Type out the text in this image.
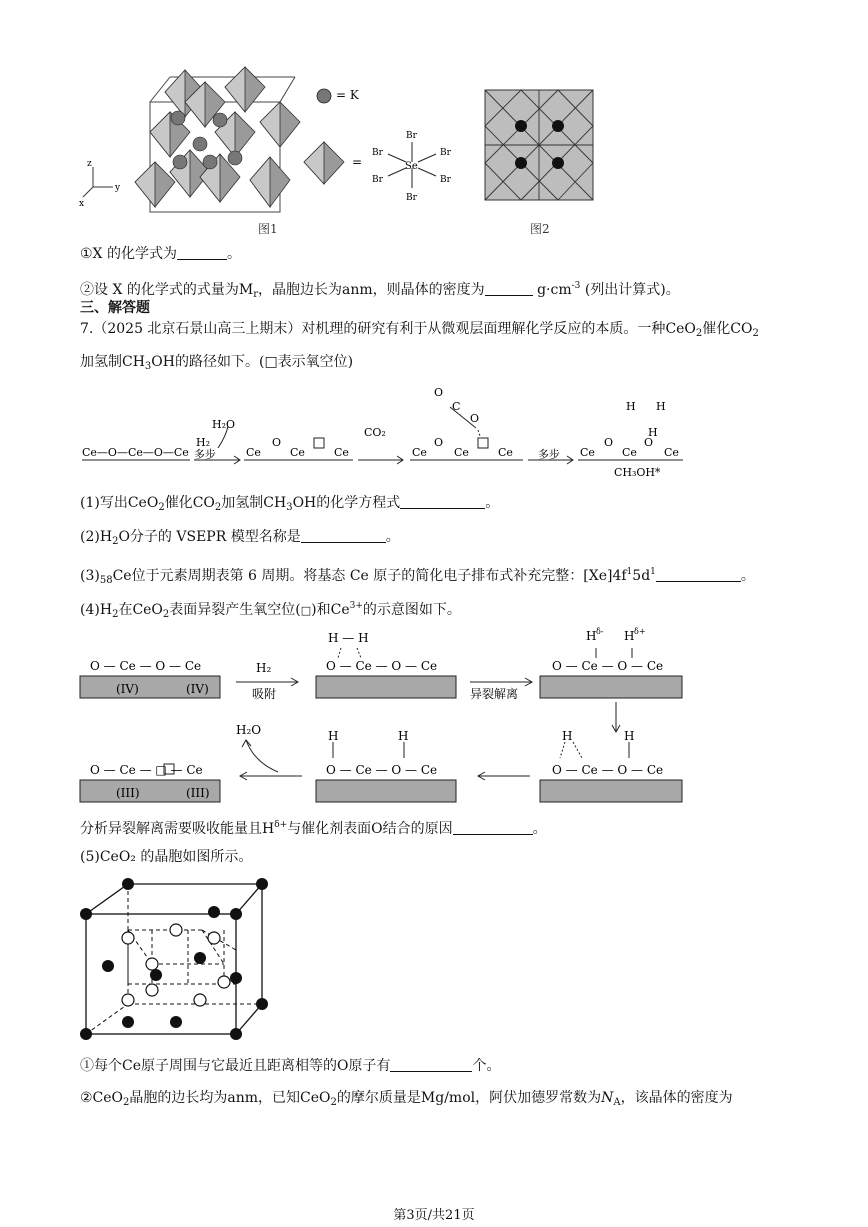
z
y
x
= K
=	Se
Br
Br
Br	Br
Br	Br
图1	图2
①X 的化学式为	。
②设 X 的化学式的式量为$M_r$，晶胞边长为anm，则晶体的密度为	$g\cdot cm^{-3}$ (列出计算式)。
三、解答题
7.（2025 北京石景山高三上期末）对机理的研究有利于从微观层面理解化学反应的本质。一种CeO$_2$催化$CO_2$
加氢制$CH_3OH$的路径如下。(□表示氧空位)
Ce—O—Ce—O—Ce
H₂
多步
H₂O
Ce
O
Ce	Ce
CO₂
Ce
O
Ce	Ce
O
C
O
多步 Ce
O
Ce
O
Ce
H H
H
CH₃OH*
(1)写出CeO$_2$催化$CO_2$加氢制$CH_3OH$的化学方程式	。
$(2)H_2O$分子的 VSEPR 模型名称是	。
$(3)_{58}Ce$位于元素周期表第 6 周期。将基态 Ce 原子的简化电子排布式补充完整：$[Xe]4f^15d^1$	。
$(4)H_2$在CeO$_2$表面异裂产生氧空位(□)和$Ce^{3+}$的示意图如下。
O — Ce — O — Ce
(IV)	(IV)
H₂
吸附
H — H
O — Ce — O — Ce
异裂解离
H δ- H δ+
O — Ce — O — Ce
H₂O
O — Ce — □ — Ce
(III)	(III)
H	H
O — Ce — O — Ce
H	H
O — Ce — O — Ce
分析异裂解离需要吸收能量且$H^{\delta+}$与催化剂表面O结合的原因	。
(5)CeO₂ 的晶胞如图所示。
①每个Ce原子周围与它最近且距离相等的O原子有	个。
②CeO$_2$晶胞的边长均为anm，已知CeO$_2$的摩尔质量是Mg/mol，阿伏加德罗常数为$N_A$，该晶体的密度为
第3页/共21页
